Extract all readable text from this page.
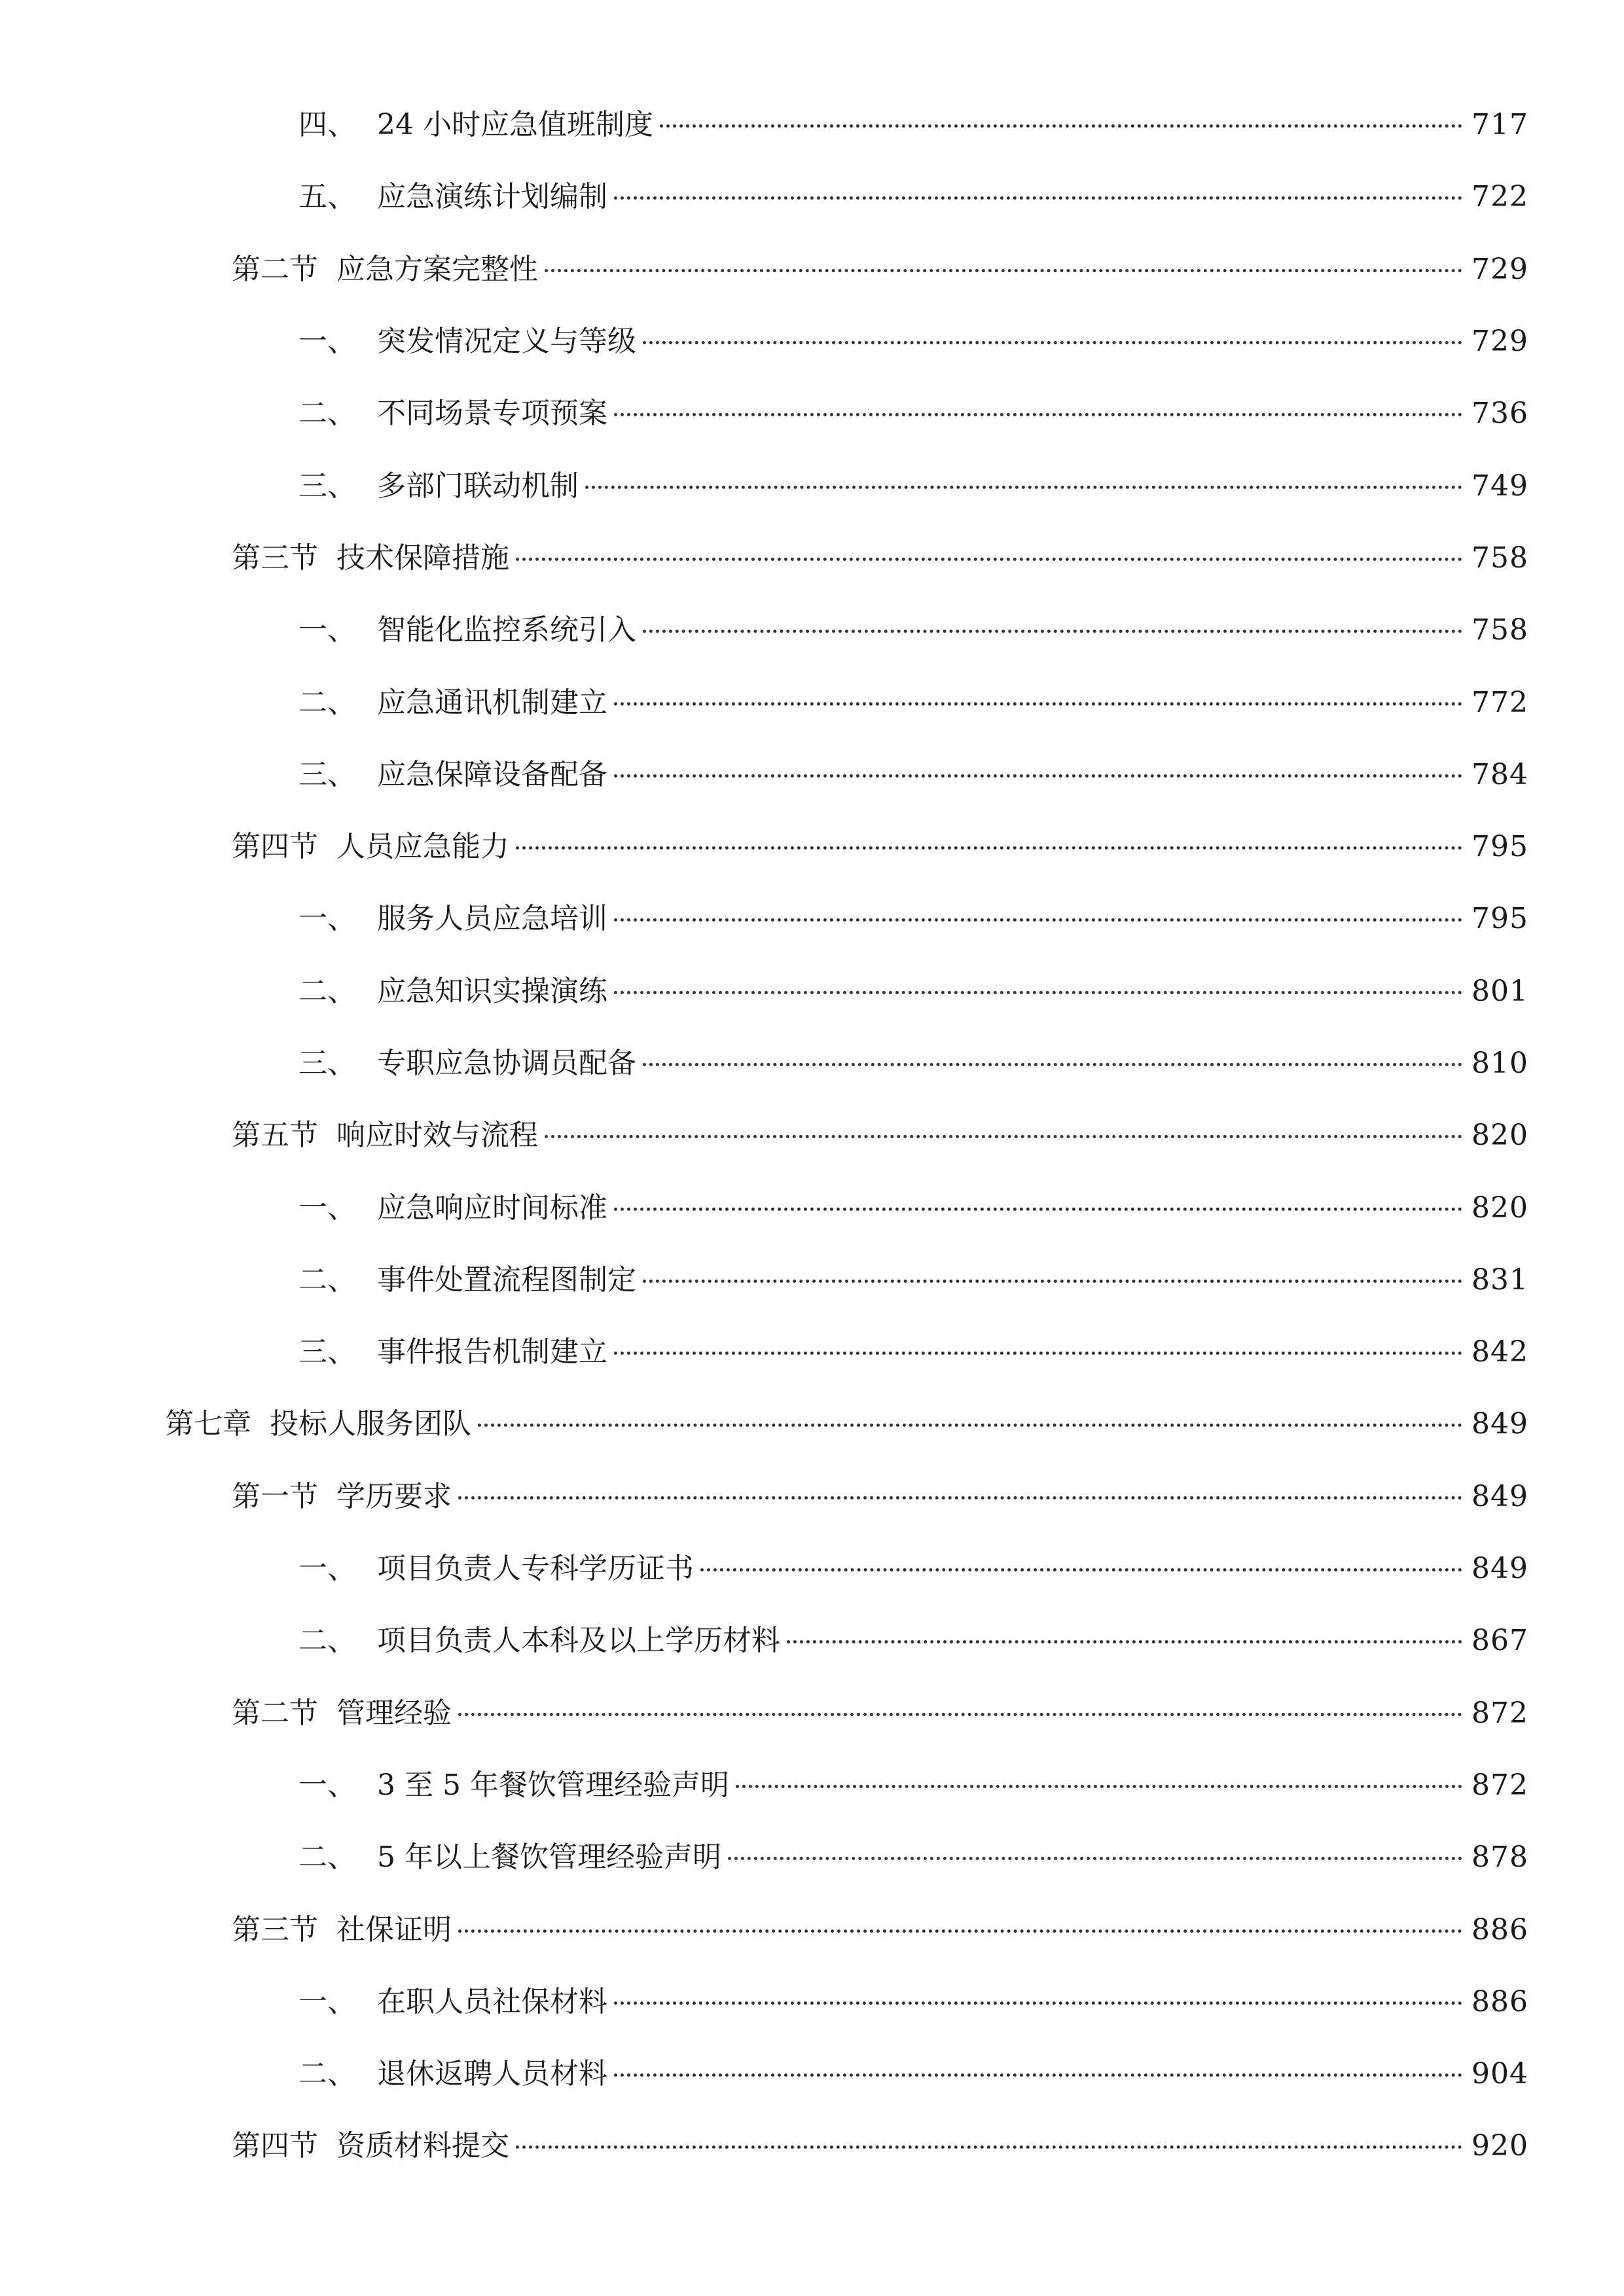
四、 24 小时应急值班制度	717
五、 应急演练计划编制	722
第二节 应急方案完整性	729
一、 突发情况定义与等级	729
二、 不同场景专项预案	736
三、 多部门联动机制	749
第三节 技术保障措施	758
一、 智能化监控系统引入	758
二、 应急通讯机制建立	772
三、 应急保障设备配备	784
第四节 人员应急能力	795
一、 服务人员应急培训	795
二、 应急知识实操演练	801
三、 专职应急协调员配备	810
第五节 响应时效与流程	820
一、 应急响应时间标准	820
二、 事件处置流程图制定	831
三、 事件报告机制建立	842
第七章 投标人服务团队	849
第一节 学历要求	849
一、 项目负责人专科学历证书	849
二、 项目负责人本科及以上学历材料	867
第二节 管理经验	872
一、 3 至 5 年餐饮管理经验声明	872
二、 5 年以上餐饮管理经验声明	878
第三节 社保证明	886
一、 在职人员社保材料	886
二、 退休返聘人员材料	904
第四节 资质材料提交	920
